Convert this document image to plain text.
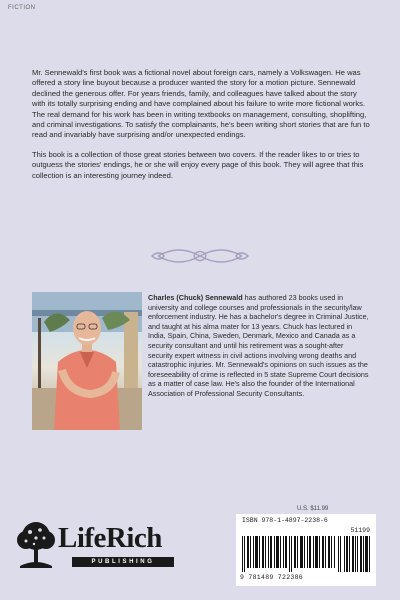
FICTION

Mr. Sennewald's first book was a fictional novel about foreign cars, namely a Volkswagen. He was offered a story line buyout because a producer wanted the story for a motion picture. Sennewald declined the generous offer. For years friends, family, and colleagues have talked about the story with its totally surprising ending and have complained about his failure to write more fictional works. The real demand for his work has been in writing textbooks on management, consulting, shoplifting, and criminal investigations. To satisfy the complainants, he's been writing short stories that are fun to read and invariably have surprising and/or unexpected endings.

This book is a collection of those great stories between two covers. If the reader likes to or tries to outguess the stories' endings, he or she will enjoy every page of this book. They will agree that this collection is an interesting journey indeed.

Charles (Chuck) Sennewald has authored 23 books used in university and college courses and professionals in the security/law enforcement industry. He has a bachelor's degree in Criminal Justice, and taught at his alma mater for 13 years. Chuck has lectured in India, Spain, China, Sweden, Denmark, Mexico and Canada as a security consultant and until his retirement was a sought-after security expert witness in civil actions involving wrong deaths and catastrophic injuries. Mr. Sennewald's opinions on such issues as the foreseeability of crime is reflected in 5 state Supreme Court decisions as a matter of case law. He's also the founder of the International Association of Professional Security Consultants.
U.S. $11.99
ISBN 978-1-4897-2238-6
51199
9 781489 722386
LifeRich
PUBLISHING
